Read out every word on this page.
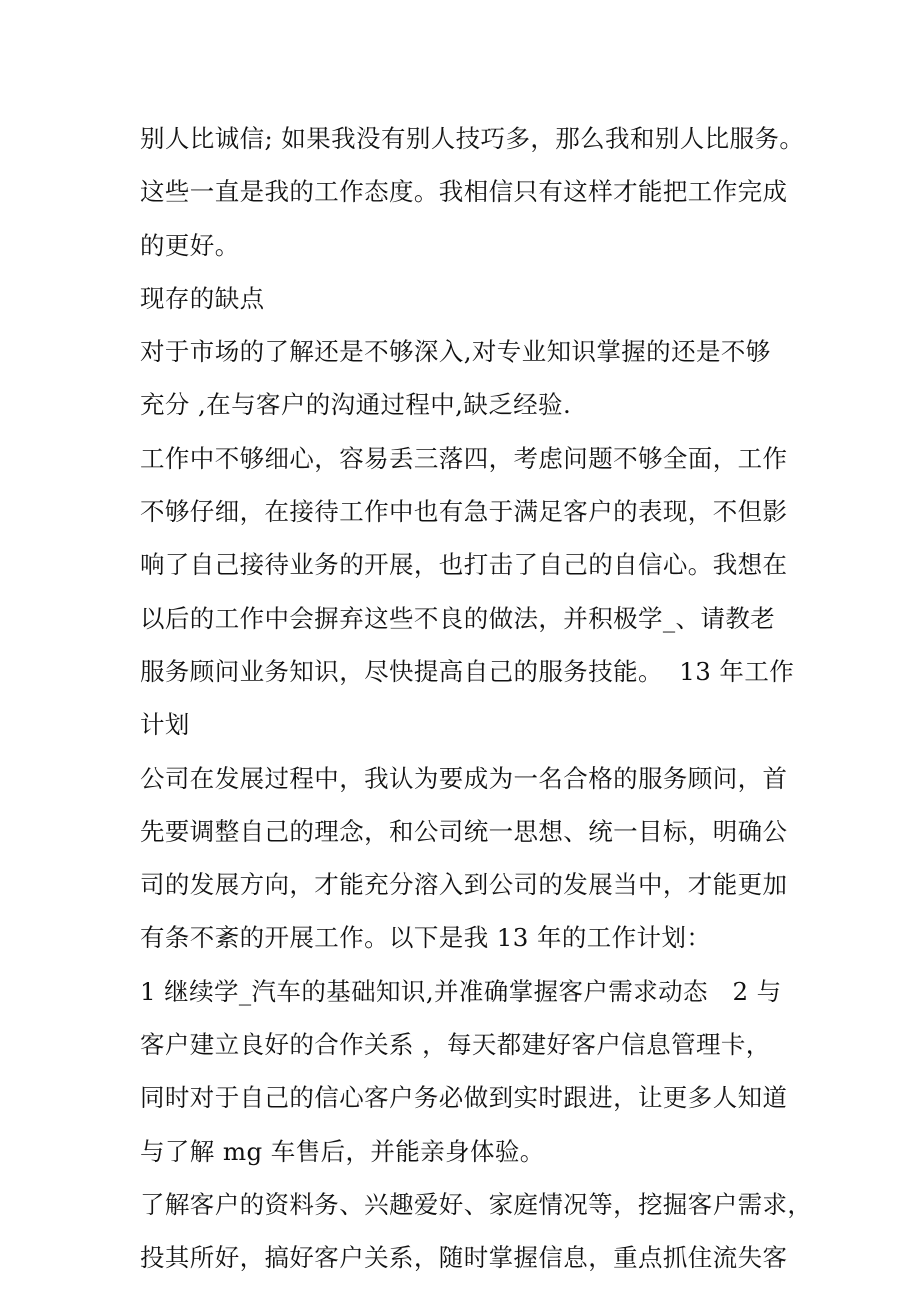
别人比诚信; 如果我没有别人技巧多，那么我和别人比服务。
这些一直是我的工作态度。我相信只有这样才能把工作完成
的更好。
现存的缺点
对于市场的了解还是不够深入,对专业知识掌握的还是不够
充分 ,在与客户的沟通过程中,缺乏经验.
工作中不够细心，容易丢三落四，考虑问题不够全面，工作
不够仔细，在接待工作中也有急于满足客户的表现，不但影
响了自己接待业务的开展，也打击了自己的自信心。我想在
以后的工作中会摒弃这些不良的做法，并积极学_、请教老
服务顾问业务知识，尽快提高自己的服务技能。  13 年工作
计划
公司在发展过程中，我认为要成为一名合格的服务顾问，首
先要调整自己的理念，和公司统一思想、统一目标，明确公
司的发展方向，才能充分溶入到公司的发展当中，才能更加
有条不紊的开展工作。以下是我 13 年的工作计划：
1 继续学_汽车的基础知识,并准确掌握客户需求动态   2 与
客户建立良好的合作关系 ，每天都建好客户信息管理卡，
同时对于自己的信心客户务必做到实时跟进，让更多人知道
与了解 mg 车售后，并能亲身体验。
了解客户的资料务、兴趣爱好、家庭情况等，挖掘客户需求，
投其所好，搞好客户关系，随时掌握信息，重点抓住流失客
